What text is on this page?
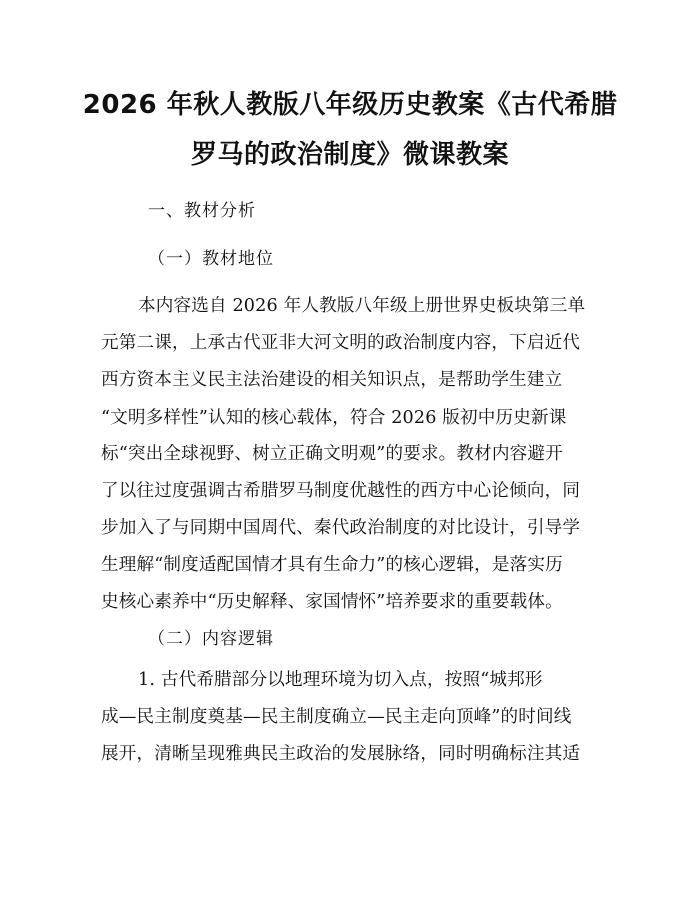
2026 年秋人教版八年级历史教案《古代希腊
罗马的政治制度》微课教案
一、教材分析
（一）教材地位
本内容选自 2026 年人教版八年级上册世界史板块第三单
元第二课，上承古代亚非大河文明的政治制度内容，下启近代
西方资本主义民主法治建设的相关知识点，是帮助学生建立
“文明多样性”认知的核心载体，符合 2026 版初中历史新课
标“突出全球视野、树立正确文明观”的要求。教材内容避开
了以往过度强调古希腊罗马制度优越性的西方中心论倾向，同
步加入了与同期中国周代、秦代政治制度的对比设计，引导学
生理解“制度适配国情才具有生命力”的核心逻辑，是落实历
史核心素养中“历史解释、家国情怀”培养要求的重要载体。
（二）内容逻辑
1. 古代希腊部分以地理环境为切入点，按照“城邦形
成—民主制度奠基—民主制度确立—民主走向顶峰”的时间线
展开，清晰呈现雅典民主政治的发展脉络，同时明确标注其适
